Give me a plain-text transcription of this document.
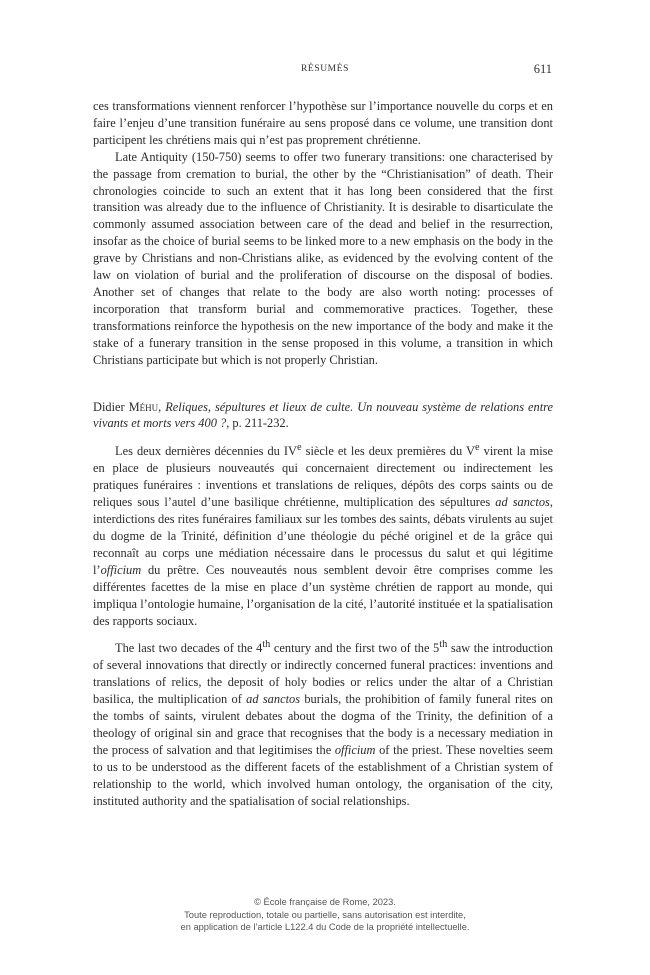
RÉSUMÉS	611

ces transformations viennent renforcer l’hypothèse sur l’importance nouvelle du corps et en faire l’enjeu d’une transition funéraire au sens proposé dans ce volume, une transition dont participent les chrétiens mais qui n’est pas proprement chrétienne.

Late Antiquity (150-750) seems to offer two funerary transitions: one characterised by the passage from cremation to burial, the other by the “Christianisation” of death. Their chronologies coincide to such an extent that it has long been considered that the first transition was already due to the influence of Christianity. It is desirable to disarticulate the commonly assumed association between care of the dead and belief in the resurrection, insofar as the choice of burial seems to be linked more to a new emphasis on the body in the grave by Christians and non-Christians alike, as evidenced by the evolving content of the law on violation of burial and the proliferation of discourse on the disposal of bodies. Another set of changes that relate to the body are also worth noting: processes of incorporation that transform burial and commemorative practices. Together, these transformations reinforce the hypothesis on the new importance of the body and make it the stake of a funerary transition in the sense proposed in this volume, a transition in which Christians participate but which is not properly Christian.

Didier Méhu, Reliques, sépultures et lieux de culte. Un nouveau système de relations entre vivants et morts vers 400 ?, p. 211-232.

Les deux dernières décennies du IVe siècle et les deux premières du Ve virent la mise en place de plusieurs nouveautés qui concernaient directement ou indirectement les pratiques funéraires : inventions et translations de reliques, dépôts des corps saints ou de reliques sous l’autel d’une basilique chrétienne, multiplication des sépultures ad sanctos, interdictions des rites funéraires familiaux sur les tombes des saints, débats virulents au sujet du dogme de la Trinité, définition d’une théologie du péché originel et de la grâce qui reconnaît au corps une médiation nécessaire dans le processus du salut et qui légitime l’officium du prêtre. Ces nouveautés nous semblent devoir être comprises comme les différentes facettes de la mise en place d’un système chrétien de rapport au monde, qui impliqua l’ontologie humaine, l’organisation de la cité, l’autorité instituée et la spatialisation des rapports sociaux.

The last two decades of the 4th century and the first two of the 5th saw the introduction of several innovations that directly or indirectly concerned funeral practices: inventions and translations of relics, the deposit of holy bodies or relics under the altar of a Christian basilica, the multiplication of ad sanctos burials, the prohibition of family funeral rites on the tombs of saints, virulent debates about the dogma of the Trinity, the definition of a theology of original sin and grace that recognises that the body is a necessary mediation in the process of salvation and that legitimises the officium of the priest. These novelties seem to us to be understood as the different facets of the establishment of a Christian system of relationship to the world, which involved human ontology, the organisation of the city, instituted authority and the spatialisation of social relationships.

© École française de Rome, 2023.
Toute reproduction, totale ou partielle, sans autorisation est interdite,
en application de l’article L122.4 du Code de la propriété intellectuelle.
